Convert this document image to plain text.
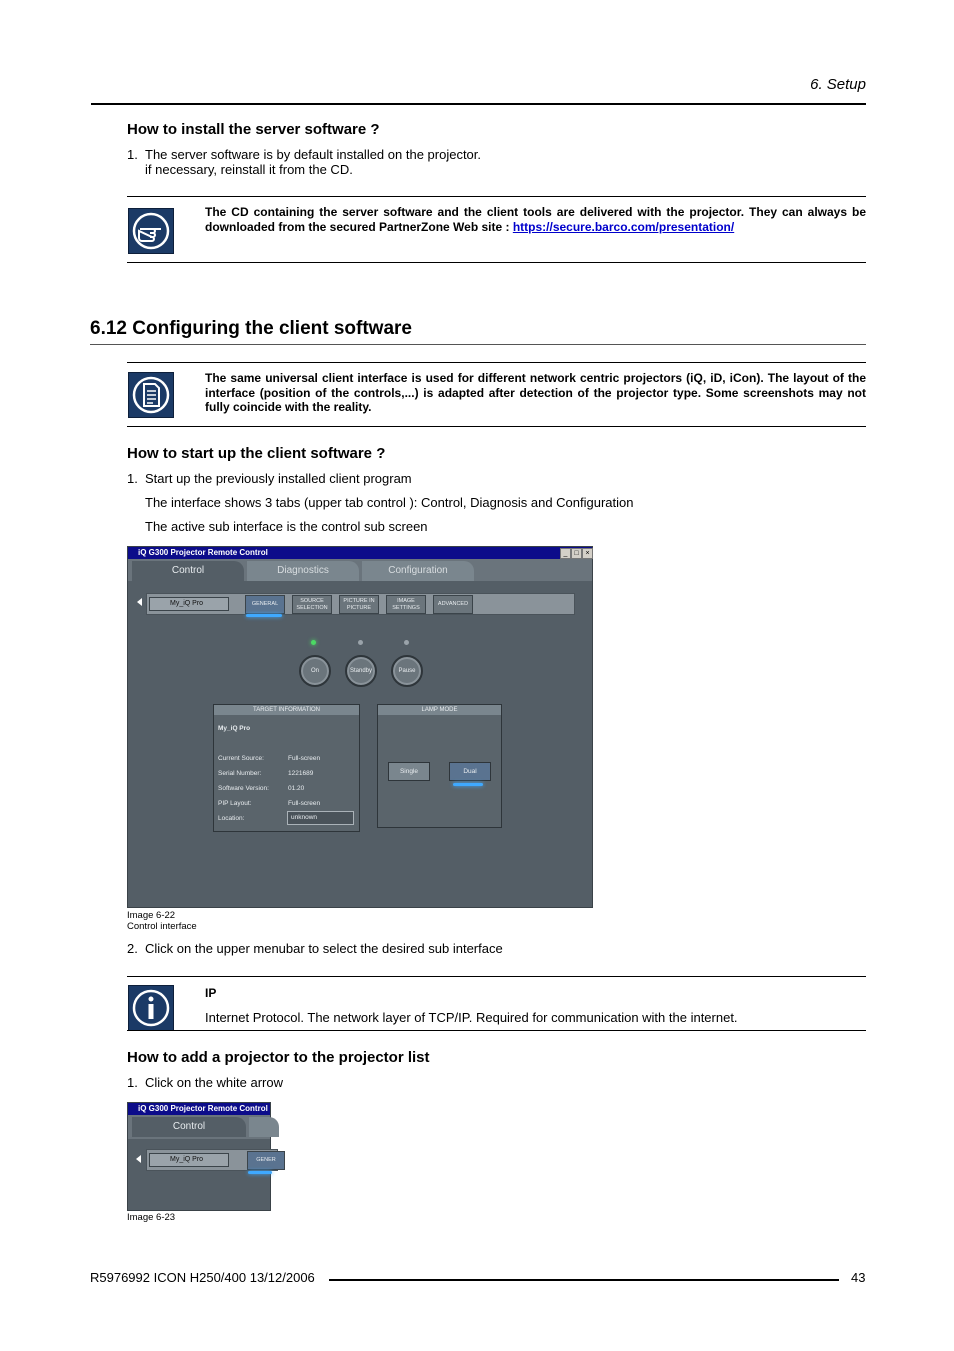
6. Setup
How to install the server software ?
1. The server software is by default installed on the projector.
if necessary, reinstall it from the CD.
The CD containing the server software and the client tools are delivered with the projector. They can always be downloaded from the secured PartnerZone Web site : https://secure.barco.com/presentation/
6.12 Configuring the client software
The same universal client interface is used for different network centric projectors (iQ, iD, iCon). The layout of the interface (position of the controls,...) is adapted after detection of the projector type. Some screenshots may not fully coincide with the reality.
How to start up the client software ?
1. Start up the previously installed client program
The interface shows 3 tabs (upper tab control ): Control, Diagnosis and Configuration
The active sub interface is the control sub screen
iQ G300 Projector Remote Control	_ □ ×
Control	Diagnostics	Configuration
My_iQ Pro	GENERAL
SOURCE SELECTION
PICTURE IN PICTURE
IMAGE SETTINGS
ADVANCED
On	Standby	Pause
TARGET INFORMATION
My_iQ Pro
Current Source:	Full-screen
Serial Number:	1221689
Software Version:	01.20
PIP Layout:	Full-screen
Location:	unknown
LAMP MODE
Single	Dual
Image 6-22
Control interface
2. Click on the upper menubar to select the desired sub interface
IP
Internet Protocol. The network layer of TCP/IP. Required for communication with the internet.
How to add a projector to the projector list
1. Click on the white arrow
iQ G300 Projector Remote Control
Control
My_iQ Pro	GENER
Image 6-23
R5976992 ICON H250/400 13/12/2006	43
